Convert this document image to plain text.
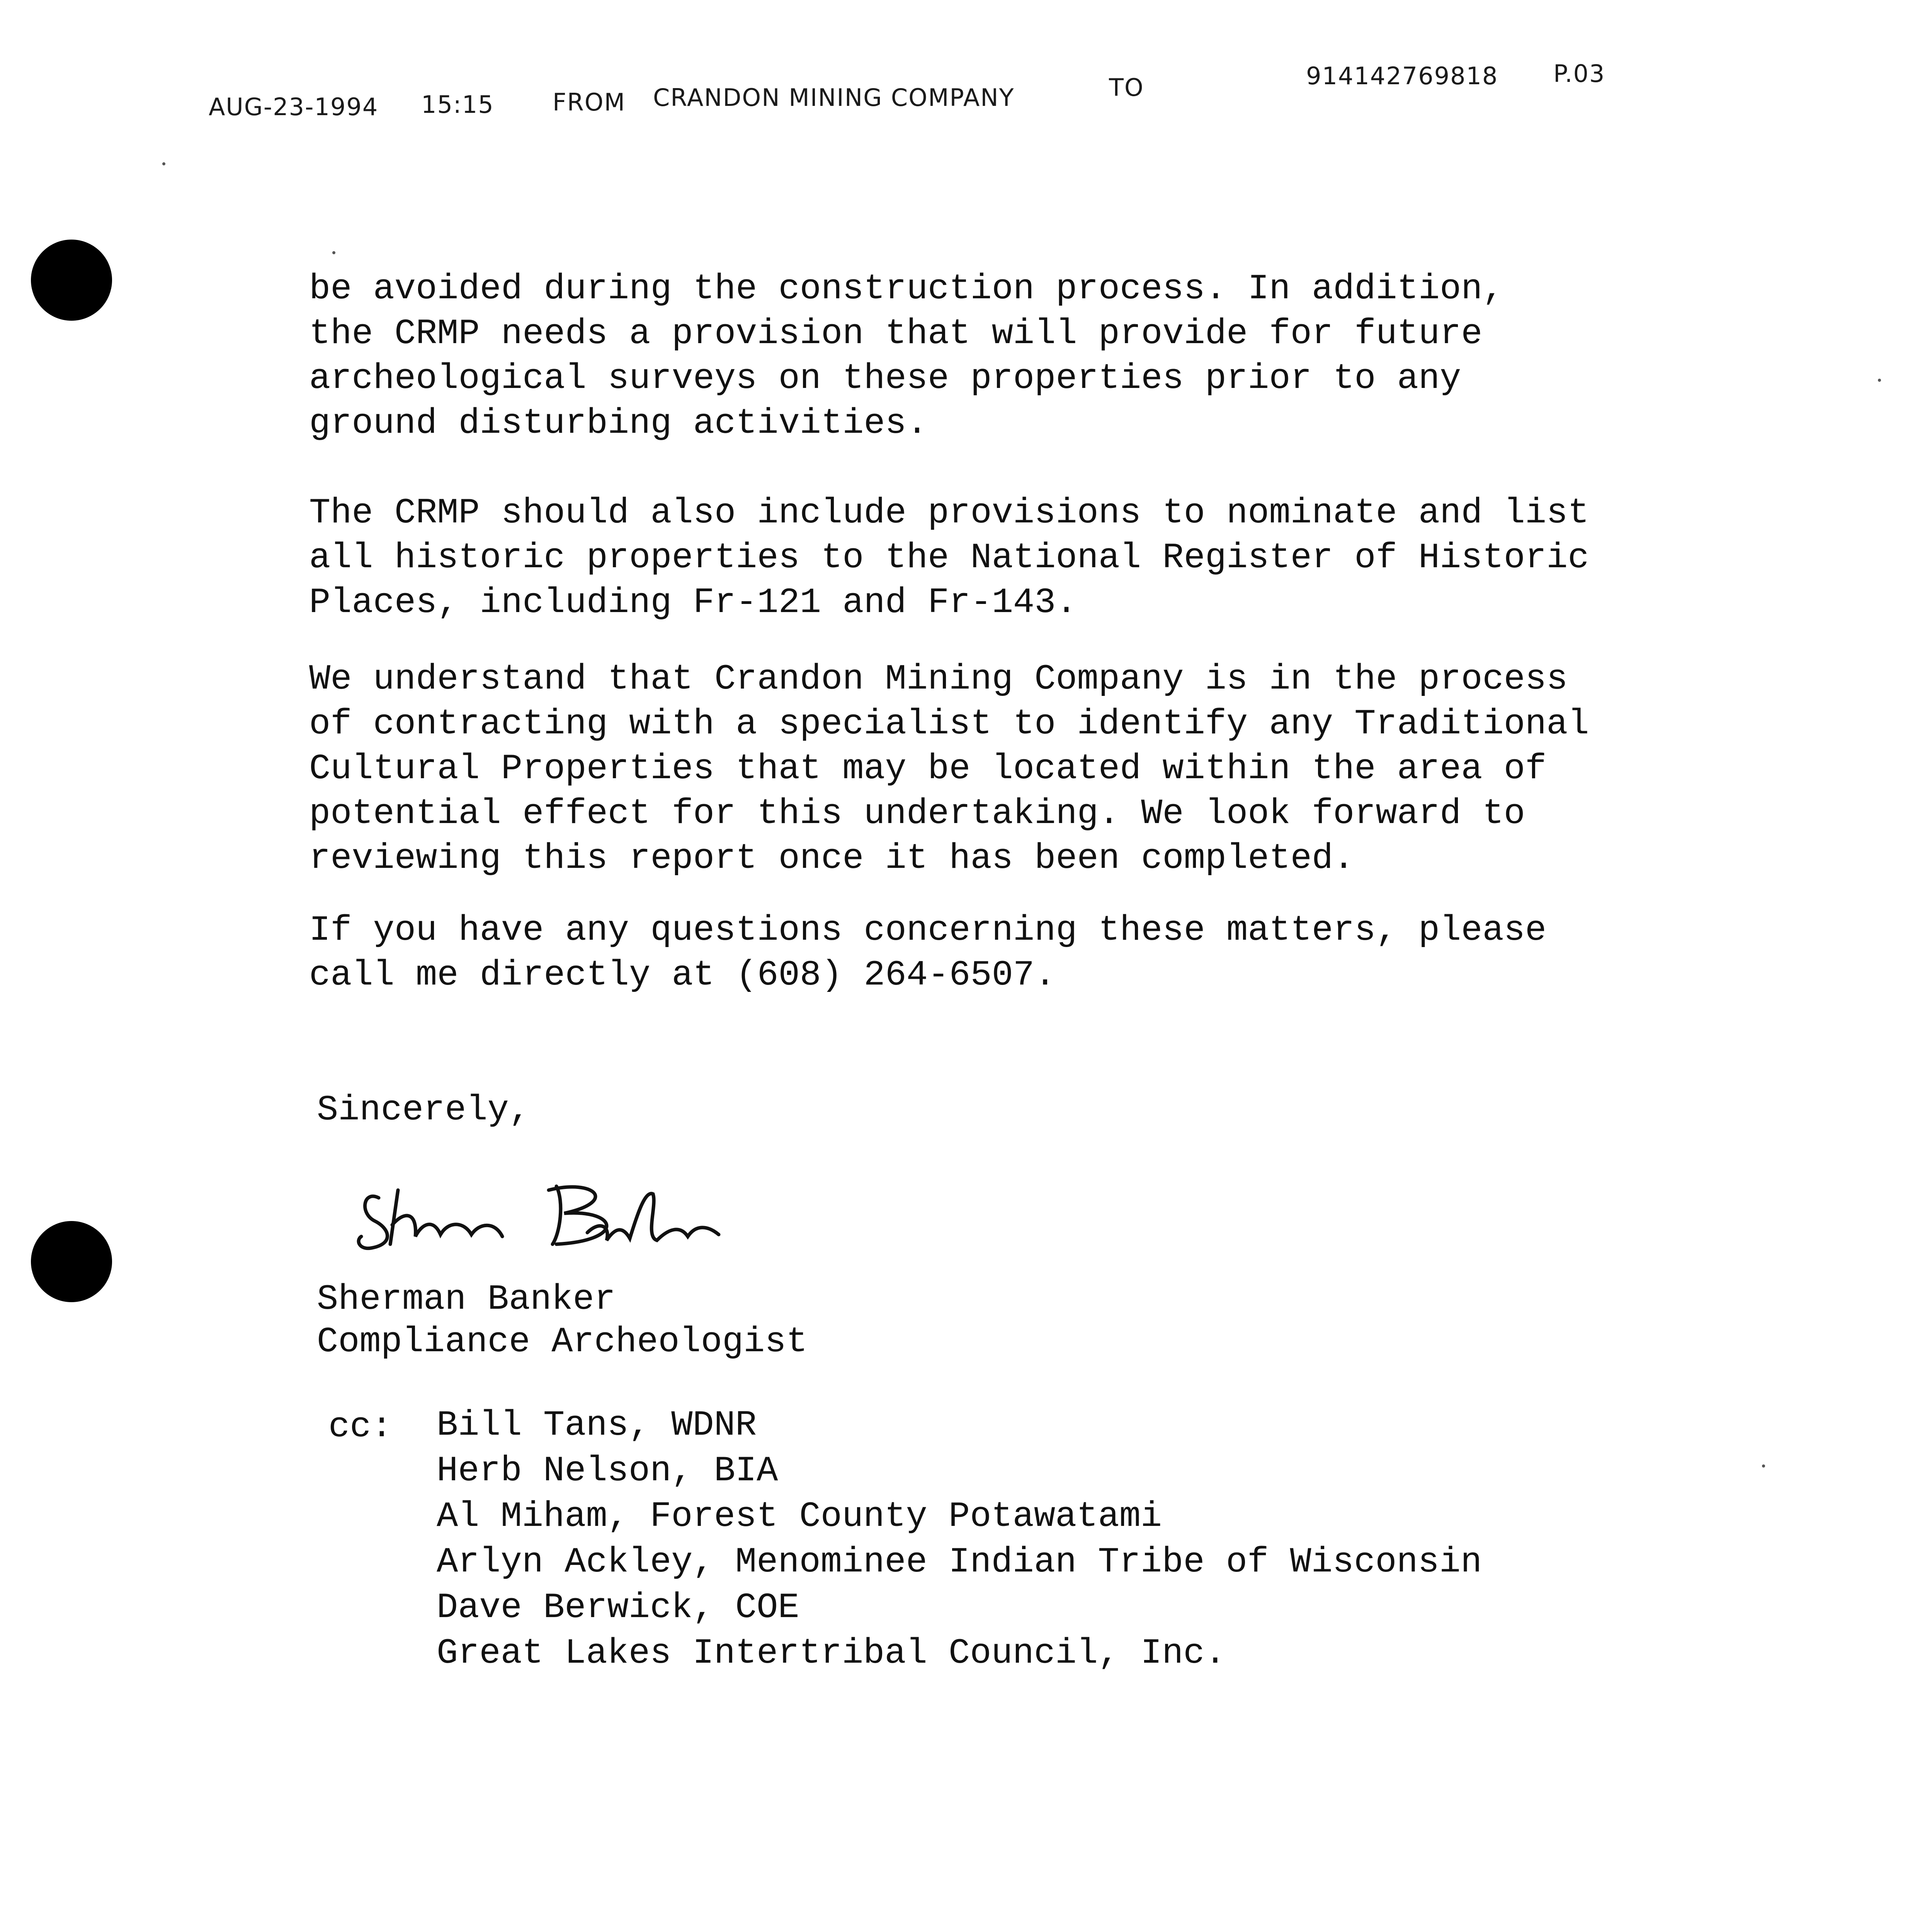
AUG-23-1994 15:15 FROM CRANDON MINING COMPANY	TO	914142769818 P.03

be avoided during the construction process. In addition,
the CRMP needs a provision that will provide for future
archeological surveys on these properties prior to any
ground disturbing activities.

The CRMP should also include provisions to nominate and list
all historic properties to the National Register of Historic
Places, including Fr-121 and Fr-143.

We understand that Crandon Mining Company is in the process
of contracting with a specialist to identify any Traditional
Cultural Properties that may be located within the area of
potential effect for this undertaking. We look forward to
reviewing this report once it has been completed.

If you have any questions concerning these matters, please
call me directly at (608) 264-6507.

Sincerely,

Sherman Banker

Compliance Archeologist

cc: Bill Tans, WDNR
Herb Nelson, BIA
Al Miham, Forest County Potawatami
Arlyn Ackley, Menominee Indian Tribe of Wisconsin
Dave Berwick, COE
Great Lakes Intertribal Council, Inc.
